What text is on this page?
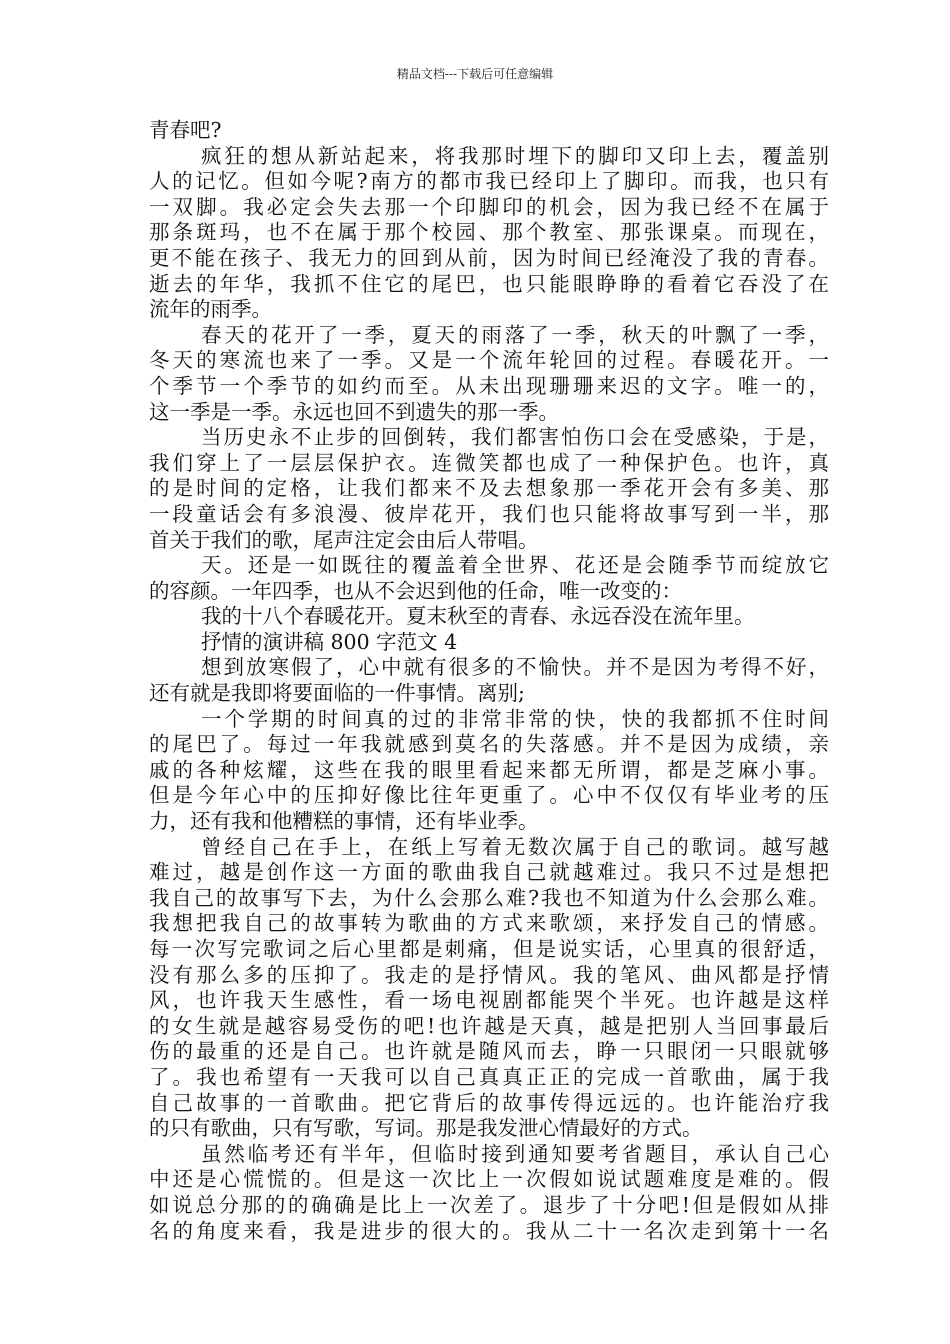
精品文档---下载后可任意编辑
青春吧?
疯狂的想从新站起来，将我那时埋下的脚印又印上去，覆盖别
人的记忆。但如今呢?南方的都市我已经印上了脚印。而我，也只有
一双脚。我必定会失去那一个印脚印的机会，因为我已经不在属于
那条斑玛，也不在属于那个校园、那个教室、那张课桌。而现在，
更不能在孩子、我无力的回到从前，因为时间已经淹没了我的青春。
逝去的年华，我抓不住它的尾巴，也只能眼睁睁的看着它吞没了在
流年的雨季。
春天的花开了一季，夏天的雨落了一季，秋天的叶飘了一季，
冬天的寒流也来了一季。又是一个流年轮回的过程。春暖花开。一
个季节一个季节的如约而至。从未出现珊珊来迟的文字。唯一的，
这一季是一季。永远也回不到遗失的那一季。
当历史永不止步的回倒转，我们都害怕伤口会在受感染，于是，
我们穿上了一层层保护衣。连微笑都也成了一种保护色。也许，真
的是时间的定格，让我们都来不及去想象那一季花开会有多美、那
一段童话会有多浪漫、彼岸花开，我们也只能将故事写到一半，那
首关于我们的歌，尾声注定会由后人带唱。
天。还是一如既往的覆盖着全世界、花还是会随季节而绽放它
的容颜。一年四季，也从不会迟到他的任命，唯一改变的：
我的十八个春暖花开。夏末秋至的青春、永远吞没在流年里。
抒情的演讲稿 800 字范文 4
想到放寒假了，心中就有很多的不愉快。并不是因为考得不好，
还有就是我即将要面临的一件事情。离别;
一个学期的时间真的过的非常非常的快，快的我都抓不住时间
的尾巴了。每过一年我就感到莫名的失落感。并不是因为成绩，亲
戚的各种炫耀，这些在我的眼里看起来都无所谓，都是芝麻小事。
但是今年心中的压抑好像比往年更重了。心中不仅仅有毕业考的压
力，还有我和他糟糕的事情，还有毕业季。
曾经自己在手上，在纸上写着无数次属于自己的歌词。越写越
难过，越是创作这一方面的歌曲我自己就越难过。我只不过是想把
我自己的故事写下去，为什么会那么难?我也不知道为什么会那么难。
我想把我自己的故事转为歌曲的方式来歌颂，来抒发自己的情感。
每一次写完歌词之后心里都是刺痛，但是说实话，心里真的很舒适，
没有那么多的压抑了。我走的是抒情风。我的笔风、曲风都是抒情
风，也许我天生感性，看一场电视剧都能哭个半死。也许越是这样
的女生就是越容易受伤的吧!也许越是天真，越是把别人当回事最后
伤的最重的还是自己。也许就是随风而去，睁一只眼闭一只眼就够
了。我也希望有一天我可以自己真真正正的完成一首歌曲，属于我
自己故事的一首歌曲。把它背后的故事传得远远的。也许能治疗我
的只有歌曲，只有写歌，写词。那是我发泄心情最好的方式。
虽然临考还有半年，但临时接到通知要考省题目，承认自己心
中还是心慌慌的。但是这一次比上一次假如说试题难度是难的。假
如说总分那的的确确是比上一次差了。退步了十分吧!但是假如从排
名的角度来看，我是进步的很大的。我从二十一名次走到第十一名
